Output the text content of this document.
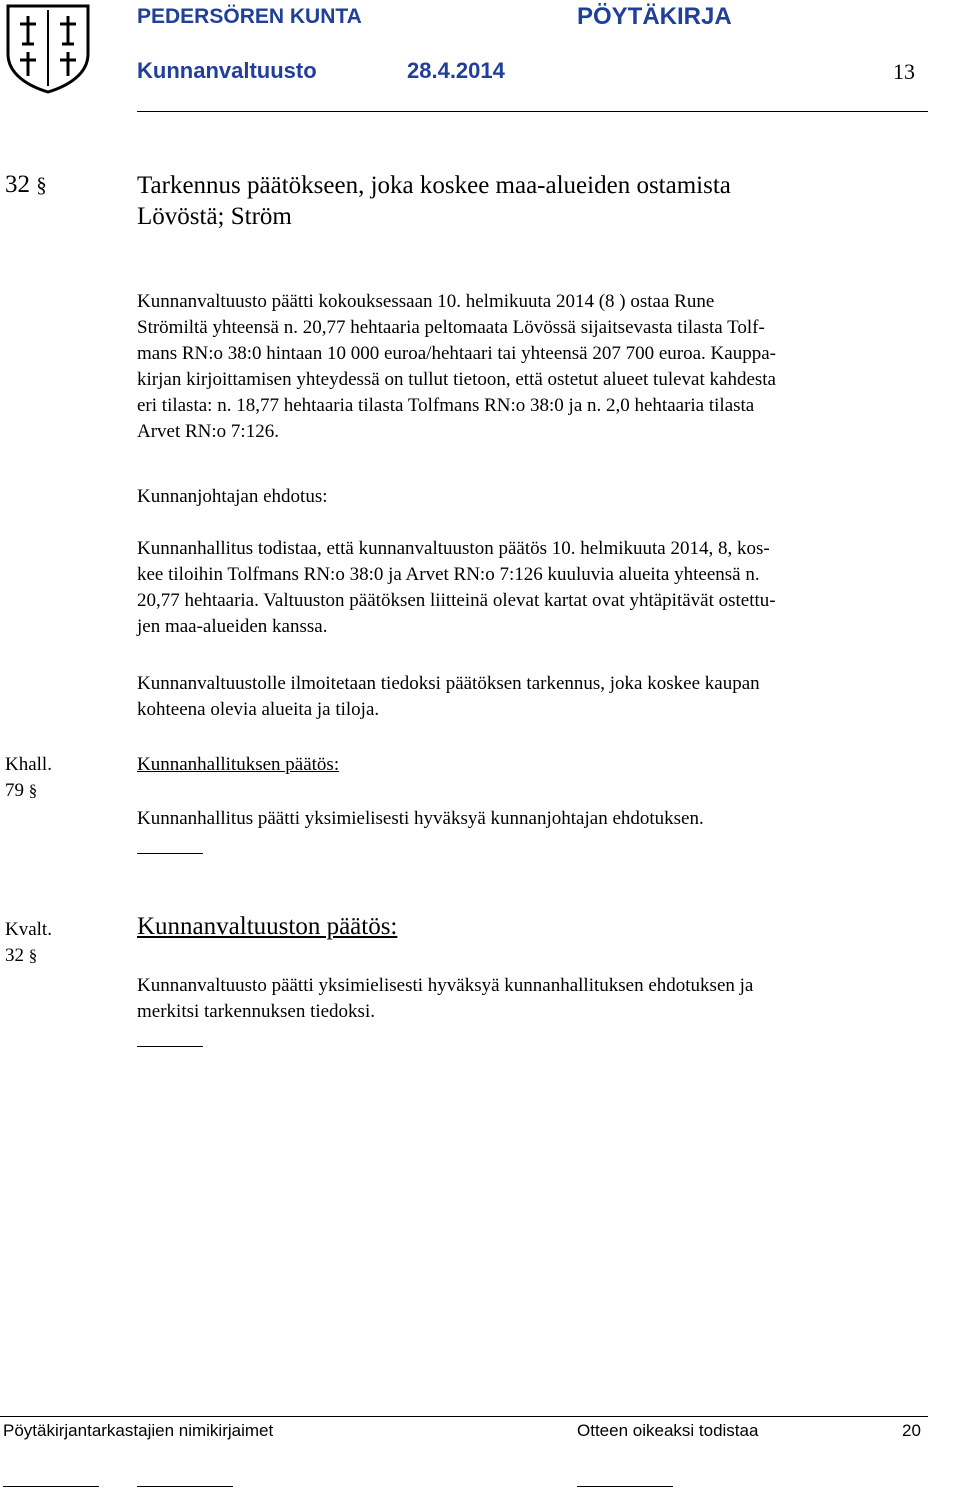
PEDERSÖREN KUNTA	PÖYTÄKIRJA
Kunnanvaltuusto	28.4.2014	13
32 §	Tarkennus päätökseen, joka koskee maa-alueiden ostamista
Lövöstä; Ström
Kunnanvaltuusto päätti kokouksessaan 10. helmikuuta 2014 (8 ) ostaa Rune
Strömiltä yhteensä n. 20,77 hehtaaria peltomaata Lövössä sijaitsevasta tilasta Tolf-
mans RN:o 38:0 hintaan 10 000 euroa/hehtaari tai yhteensä 207 700 euroa. Kauppa-
kirjan kirjoittamisen yhteydessä on tullut tietoon, että ostetut alueet tulevat kahdesta
eri tilasta: n. 18,77 hehtaaria tilasta Tolfmans RN:o 38:0 ja n. 2,0 hehtaaria tilasta
Arvet RN:o 7:126.
Kunnanjohtajan ehdotus:
Kunnanhallitus todistaa, että kunnanvaltuuston päätös 10. helmikuuta 2014, 8, kos-
kee tiloihin Tolfmans RN:o 38:0 ja Arvet RN:o 7:126 kuuluvia alueita yhteensä n.
20,77 hehtaaria. Valtuuston päätöksen liitteinä olevat kartat ovat yhtäpitävät ostettu-
jen maa-alueiden kanssa.
Kunnanvaltuustolle ilmoitetaan tiedoksi päätöksen tarkennus, joka koskee kaupan
kohteena olevia alueita ja tiloja.
Khall.
79 §
Kunnanhallituksen päätös:
Kunnanhallitus päätti yksimielisesti hyväksyä kunnanjohtajan ehdotuksen.
Kvalt.
32 §
Kunnanvaltuuston päätös:
Kunnanvaltuusto päätti yksimielisesti hyväksyä kunnanhallituksen ehdotuksen ja
merkitsi tarkennuksen tiedoksi.
Pöytäkirjantarkastajien nimikirjaimet	Otteen oikeaksi todistaa	20
